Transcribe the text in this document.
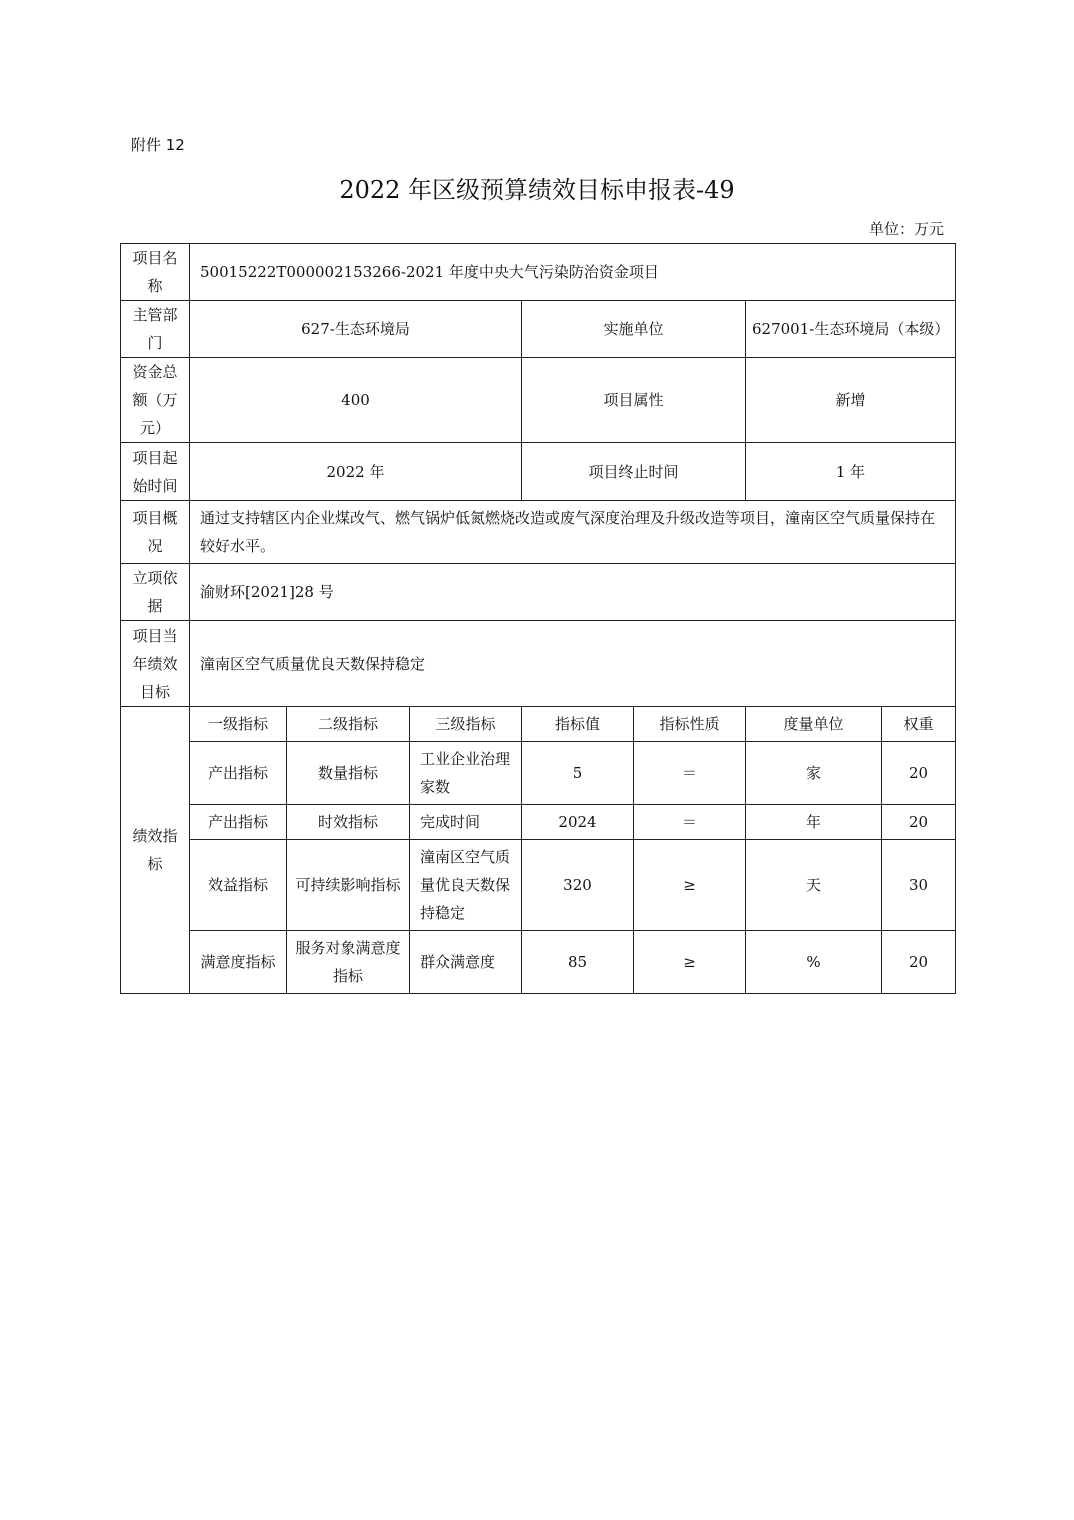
附件 12
2022 年区级预算绩效目标申报表-49
单位：万元
项目名称	50015222T000002153266-2021 年度中央大气污染防治资金项目						
主管部门	627-生态环境局			实施单位		627001-生态环境局（本级）	
资金总额（万元）	400			项目属性		新增	
项目起始时间	2022 年			项目终止时间		1 年	
项目概况	通过支持辖区内企业煤改气、燃气锅炉低氮燃烧改造或废气深度治理及升级改造等项目，潼南区空气质量保持在较好水平。						
立项依据	渝财环[2021]28 号						
项目当年绩效目标	潼南区空气质量优良天数保持稳定						
绩效指标	一级指标	二级指标	三级指标	指标值	指标性质	度量单位	权重
	产出指标	数量指标	工业企业治理家数	5	＝	家	20
	产出指标	时效指标	完成时间	2024	＝	年	20
	效益指标	可持续影响指标	潼南区空气质量优良天数保持稳定	320	≥	天	30
	满意度指标	服务对象满意度指标	群众满意度	85	≥	%	20
